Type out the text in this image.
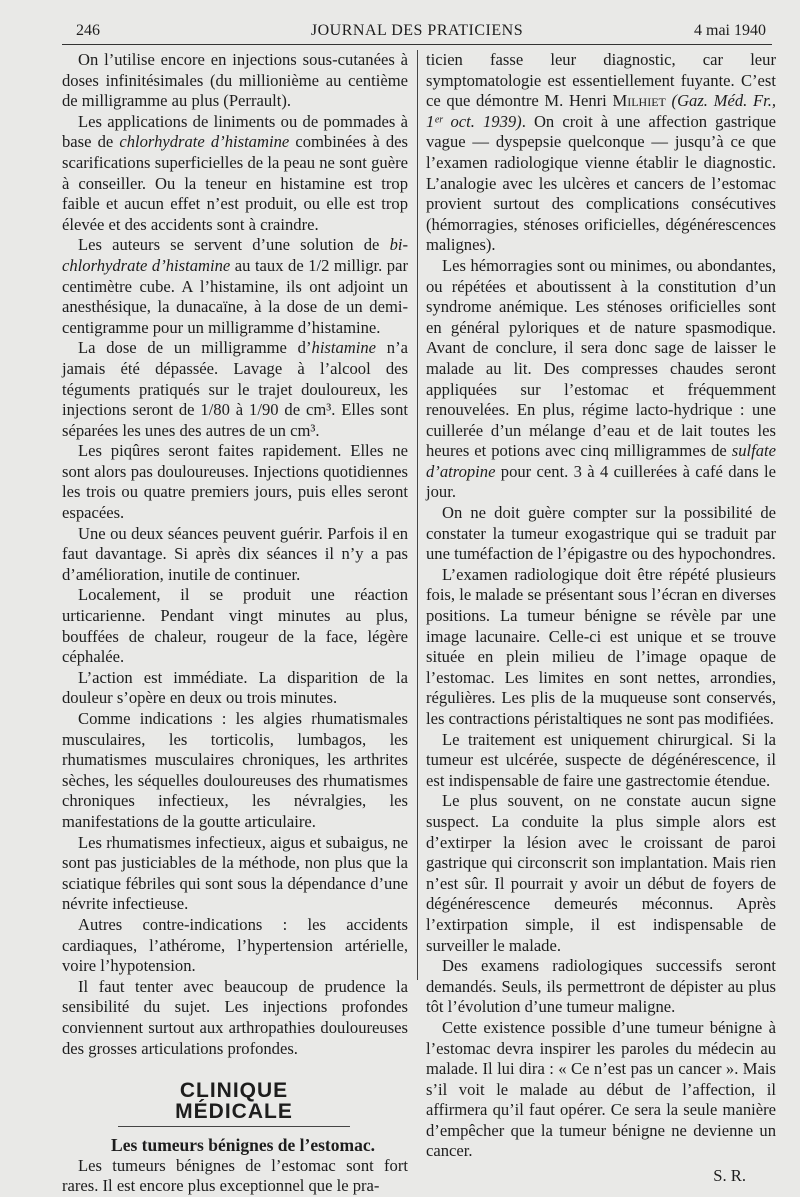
246	JOURNAL DES PRATICIENS	4 mai 1940

On l’utilise encore en injections sous-cutanées à doses infinitésimales (du millionième au centième de milligramme au plus (Perrault).

Les applications de liniments ou de pommades à base de chlorhydrate d’histamine combinées à des scarifications superficielles de la peau ne sont guère à conseiller. Ou la teneur en histamine est trop faible et aucun effet n’est produit, ou elle est trop élevée et des accidents sont à craindre.

Les auteurs se servent d’une solution de bi-chlorhydrate d’histamine au taux de 1/2 milligr. par centimètre cube. A l’histamine, ils ont adjoint un anesthésique, la dunacaïne, à la dose de un demi-centigramme pour un milligramme d’histamine.

La dose de un milligramme d’histamine n’a jamais été dépassée. Lavage à l’alcool des téguments pratiqués sur le trajet douloureux, les injections seront de 1/80 à 1/90 de cm³. Elles sont séparées les unes des autres de un cm³.

Les piqûres seront faites rapidement. Elles ne sont alors pas douloureuses. Injections quotidiennes les trois ou quatre premiers jours, puis elles seront espacées.

Une ou deux séances peuvent guérir. Parfois il en faut davantage. Si après dix séances il n’y a pas d’amélioration, inutile de continuer.

Localement, il se produit une réaction urticarienne. Pendant vingt minutes au plus, bouffées de chaleur, rougeur de la face, légère céphalée.

L’action est immédiate. La disparition de la douleur s’opère en deux ou trois minutes.

Comme indications : les algies rhumatismales musculaires, les torticolis, lumbagos, les rhumatismes musculaires chroniques, les arthrites sèches, les séquelles douloureuses des rhumatismes chroniques infectieux, les névralgies, les manifestations de la goutte articulaire.

Les rhumatismes infectieux, aigus et subaigus, ne sont pas justiciables de la méthode, non plus que la sciatique fébriles qui sont sous la dépendance d’une névrite infectieuse.

Autres contre-indications : les accidents cardiaques, l’athérome, l’hypertension artérielle, voire l’hypotension.

Il faut tenter avec beaucoup de prudence la sensibilité du sujet. Les injections profondes conviennent surtout aux arthropathies douloureuses des grosses articulations profondes.

CLINIQUE MÉDICALE

Les tumeurs bénignes de l’estomac.

Les tumeurs bénignes de l’estomac sont fort rares. Il est encore plus exceptionnel que le pra-

ticien fasse leur diagnostic, car leur symptomatologie est essentiellement fuyante. C’est ce que démontre M. Henri Milhiet (Gaz. Méd. Fr., 1ᵉʳ oct. 1939). On croit à une affection gastrique vague — dyspepsie quelconque — jusqu’à ce que l’examen radiologique vienne établir le diagnostic. L’analogie avec les ulcères et cancers de l’estomac provient surtout des complications consécutives (hémorragies, sténoses orificielles, dégénérescences malignes).

Les hémorragies sont ou minimes, ou abondantes, ou répétées et aboutissent à la constitution d’un syndrome anémique. Les sténoses orificielles sont en général pyloriques et de nature spasmodique. Avant de conclure, il sera donc sage de laisser le malade au lit. Des compresses chaudes seront appliquées sur l’estomac et fréquemment renouvelées. En plus, régime lacto-hydrique : une cuillerée d’un mélange d’eau et de lait toutes les heures et potions avec cinq milligrammes de sulfate d’atropine pour cent. 3 à 4 cuillerées à café dans le jour.

On ne doit guère compter sur la possibilité de constater la tumeur exogastrique qui se traduit par une tuméfaction de l’épigastre ou des hypochondres.

L’examen radiologique doit être répété plusieurs fois, le malade se présentant sous l’écran en diverses positions. La tumeur bénigne se révèle par une image lacunaire. Celle-ci est unique et se trouve située en plein milieu de l’image opaque de l’estomac. Les limites en sont nettes, arrondies, régulières. Les plis de la muqueuse sont conservés, les contractions péristaltiques ne sont pas modifiées.

Le traitement est uniquement chirurgical. Si la tumeur est ulcérée, suspecte de dégénérescence, il est indispensable de faire une gastrectomie étendue.

Le plus souvent, on ne constate aucun signe suspect. La conduite la plus simple alors est d’extirper la lésion avec le croissant de paroi gastrique qui circonscrit son implantation. Mais rien n’est sûr. Il pourrait y avoir un début de foyers de dégénérescence demeurés méconnus. Après l’extirpation simple, il est indispensable de surveiller le malade.

Des examens radiologiques successifs seront demandés. Seuls, ils permettront de dépister au plus tôt l’évolution d’une tumeur maligne.

Cette existence possible d’une tumeur bénigne à l’estomac devra inspirer les paroles du médecin au malade. Il lui dira : « Ce n’est pas un cancer ». Mais s’il voit le malade au début de l’affection, il affirmera qu’il faut opérer. Ce sera la seule manière d’empêcher que la tumeur bénigne ne devienne un cancer.

S. R.
